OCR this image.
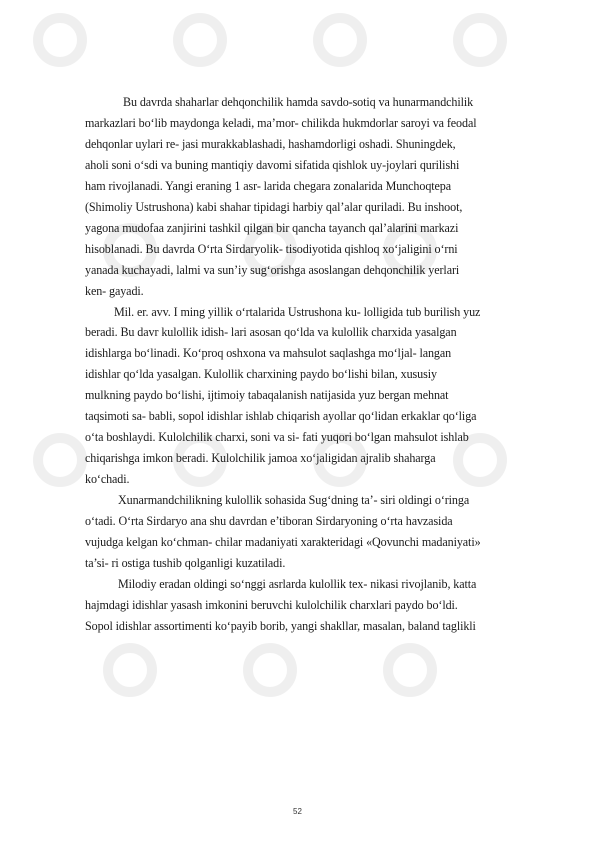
Bu davrda shaharlar dehqonchilik hamda savdo-sotiq va hunarmandchilik
markazlari bo‘lib maydonga keladi, ma’mor- chilikda hukmdorlar saroyi va feodal
dehqonlar uylari re- jasi murakkablashadi, hashamdorligi oshadi. Shuningdek,
aholi soni o‘sdi va buning mantiqiy davomi sifatida qishlok uy-joylari qurilishi
ham rivojlanadi. Yangi eraning 1 asr- larida chegara zonalarida Munchoqtepa
(Shimoliy Ustrushona) kabi shahar tipidagi harbiy qal’alar quriladi. Bu inshoot,
yagona mudofaa zanjirini tashkil qilgan bir qancha tayanch qal’alarini markazi
hisoblanadi. Bu davrda O‘rta Sirdaryolik- tisodiyotida qishloq xo‘jaligini o‘rni
yanada kuchayadi, lalmi va sun’iy sug‘orishga asoslangan dehqonchilik yerlari
ken- gayadi.
Mil. er. avv. I ming yillik o‘rtalarida Ustrushona ku- lolligida tub burilish yuz
beradi. Bu davr kulollik idish- lari asosan qo‘lda va kulollik charxida yasalgan
idishlarga bo‘linadi. Ko‘proq oshxona va mahsulot saqlashga mo‘ljal- langan
idishlar qo‘lda yasalgan. Kulollik charxining paydo bo‘lishi bilan, xususiy
mulkning paydo bo‘lishi, ijtimoiy tabaqalanish natijasida yuz bergan mehnat
taqsimoti sa- babli, sopol idishlar ishlab chiqarish ayollar qo‘lidan erkaklar qo‘liga
o‘ta boshlaydi. Kulolchilik charxi, soni va si- fati yuqori bo‘lgan mahsulot ishlab
chiqarishga imkon beradi. Kulolchilik jamoa xo‘jaligidan ajralib shaharga
ko‘chadi.
Xunarmandchilikning kulollik sohasida Sug‘dning ta’- siri oldingi o‘ringa
o‘tadi. O‘rta Sirdaryo ana shu davrdan e’tiboran Sirdaryoning o‘rta havzasida
vujudga kelgan ko‘chman- chilar madaniyati xarakteridagi «Qovunchi madaniyati»
ta’si- ri ostiga tushib qolganligi kuzatiladi.
Milodiy eradan oldingi so‘nggi asrlarda kulollik tex- nikasi rivojlanib, katta
hajmdagi idishlar yasash imkonini beruvchi kulolchilik charxlari paydo bo‘ldi.
Sopol idishlar assortimenti ko‘payib borib, yangi shakllar, masalan, baland taglikli
52
